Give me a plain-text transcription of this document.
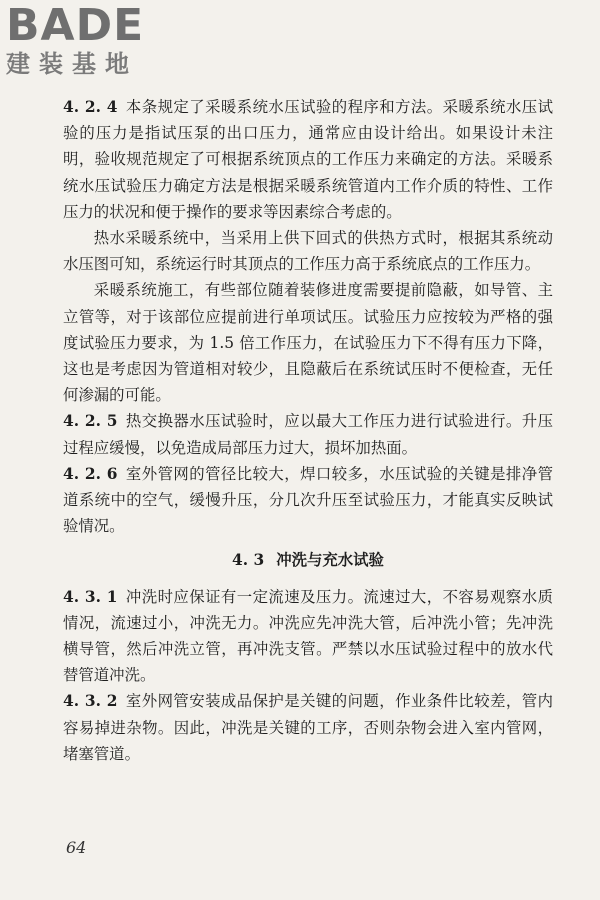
BADE
建装基地

4. 2. 4 本条规定了采暖系统水压试验的程序和方法。采暖系统水压试验的压力是指试压泵的出口压力，通常应由设计给出。如果设计未注明，验收规范规定了可根据系统顶点的工作压力来确定的方法。采暖系统水压试验压力确定方法是根据采暖系统管道内工作介质的特性、工作压力的状况和便于操作的要求等因素综合考虑的。

热水采暖系统中，当采用上供下回式的供热方式时，根据其系统动水压图可知，系统运行时其顶点的工作压力高于系统底点的工作压力。

采暖系统施工，有些部位随着装修进度需要提前隐蔽，如导管、主立管等，对于该部位应提前进行单项试压。试验压力应按较为严格的强度试验压力要求，为 1.5 倍工作压力，在试验压力下不得有压力下降，这也是考虑因为管道相对较少，且隐蔽后在系统试压时不便检查，无任何渗漏的可能。

4. 2. 5 热交换器水压试验时，应以最大工作压力进行试验进行。升压过程应缓慢，以免造成局部压力过大，损坏加热面。

4. 2. 6 室外管网的管径比较大，焊口较多，水压试验的关键是排净管道系统中的空气，缓慢升压，分几次升压至试验压力，才能真实反映试验情况。

4. 3 冲洗与充水试验

4. 3. 1 冲洗时应保证有一定流速及压力。流速过大，不容易观察水质情况，流速过小，冲洗无力。冲洗应先冲洗大管，后冲洗小管；先冲洗横导管，然后冲洗立管，再冲洗支管。严禁以水压试验过程中的放水代替管道冲洗。

4. 3. 2 室外网管安装成品保护是关键的问题，作业条件比较差，管内容易掉进杂物。因此，冲洗是关键的工序，否则杂物会进入室内管网，堵塞管道。

64
